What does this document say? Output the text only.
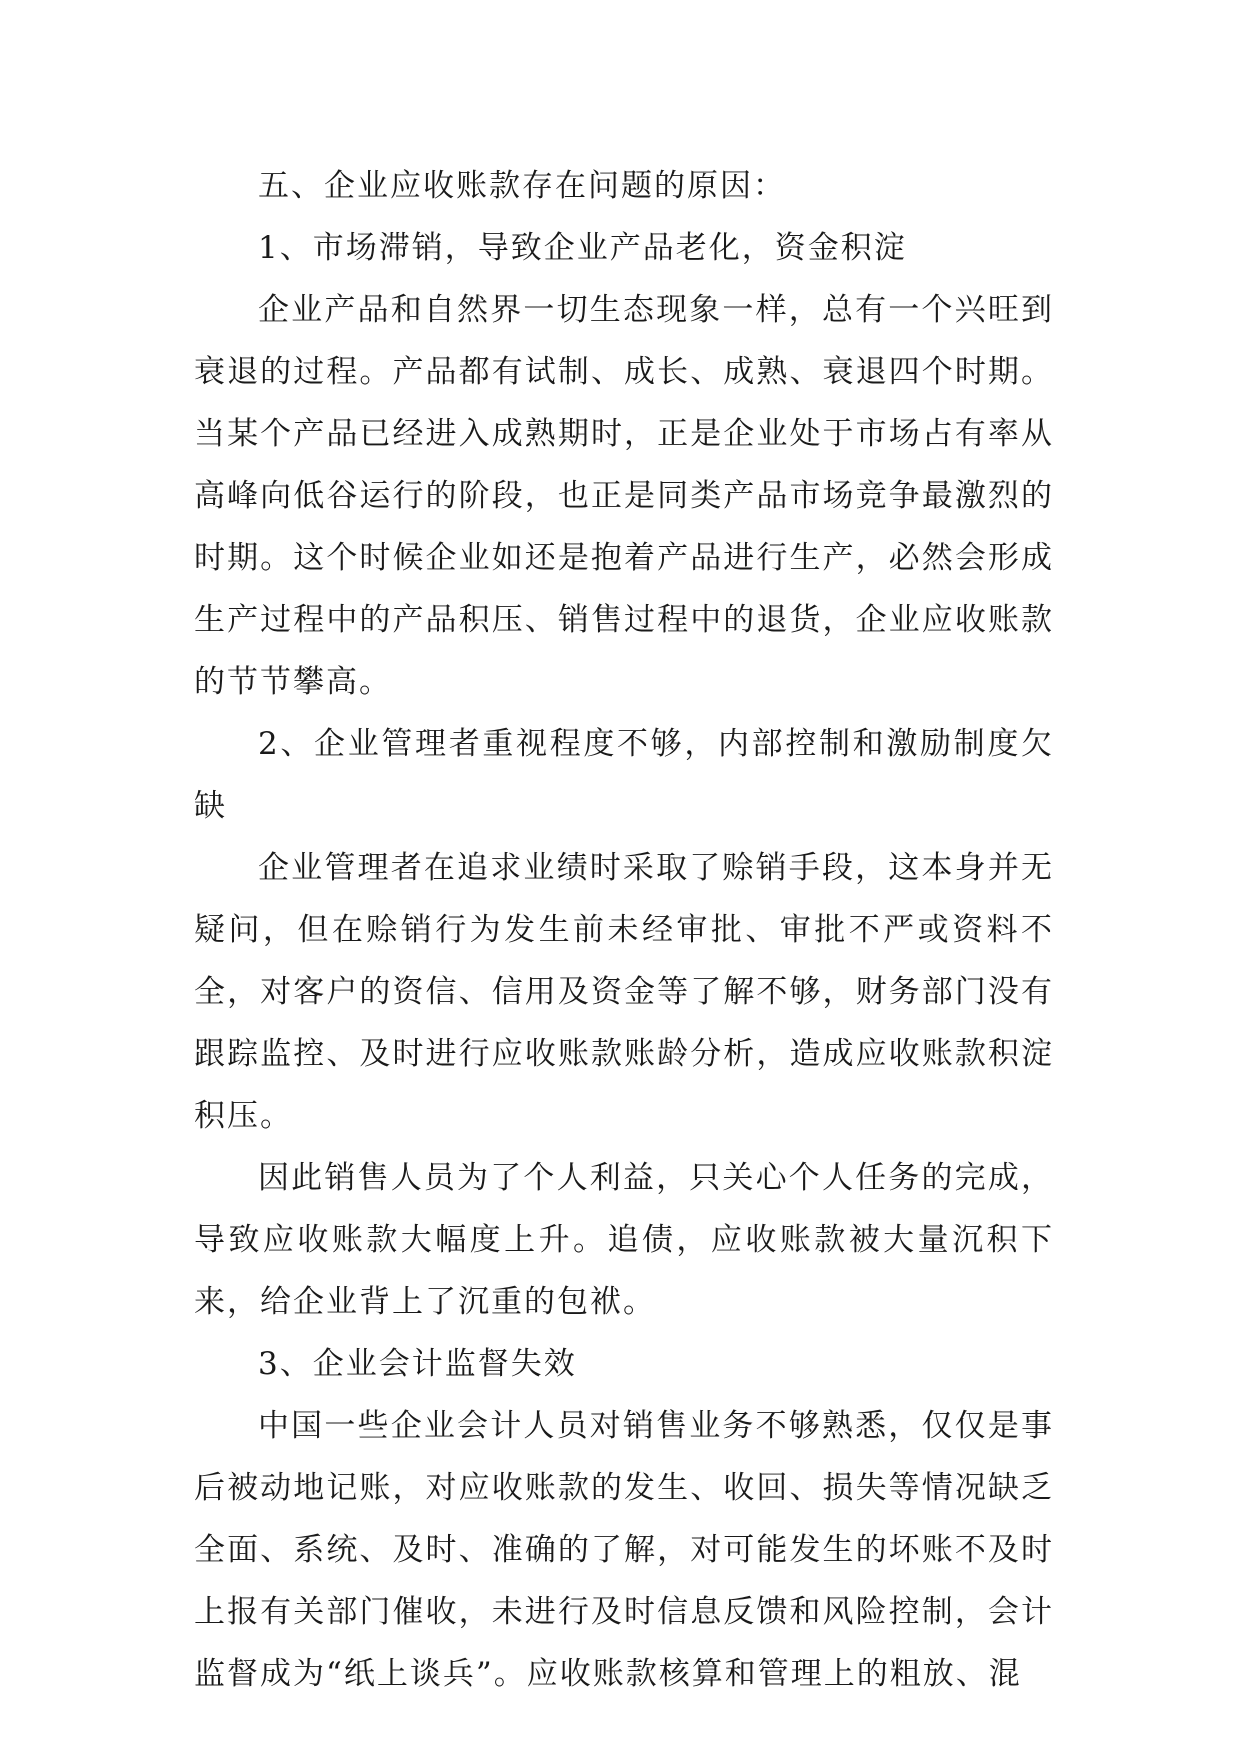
五、企业应收账款存在问题的原因：

1、市场滞销，导致企业产品老化，资金积淀

企业产品和自然界一切生态现象一样，总有一个兴旺到衰退的过程。产品都有试制、成长、成熟、衰退四个时期。当某个产品已经进入成熟期时，正是企业处于市场占有率从高峰向低谷运行的阶段，也正是同类产品市场竞争最激烈的时期。这个时候企业如还是抱着产品进行生产，必然会形成生产过程中的产品积压、销售过程中的退货，企业应收账款的节节攀高。

2、企业管理者重视程度不够，内部控制和激励制度欠缺

企业管理者在追求业绩时采取了赊销手段，这本身并无疑问，但在赊销行为发生前未经审批、审批不严或资料不全，对客户的资信、信用及资金等了解不够，财务部门没有跟踪监控、及时进行应收账款账龄分析，造成应收账款积淀积压。

因此销售人员为了个人利益，只关心个人任务的完成，导致应收账款大幅度上升。追债，应收账款被大量沉积下来，给企业背上了沉重的包袱。

3、企业会计监督失效

中国一些企业会计人员对销售业务不够熟悉，仅仅是事后被动地记账，对应收账款的发生、收回、损失等情况缺乏全面、系统、及时、准确的了解，对可能发生的坏账不及时上报有关部门催收，未进行及时信息反馈和风险控制，会计监督成为“纸上谈兵”。应收账款核算和管理上的粗放、混
